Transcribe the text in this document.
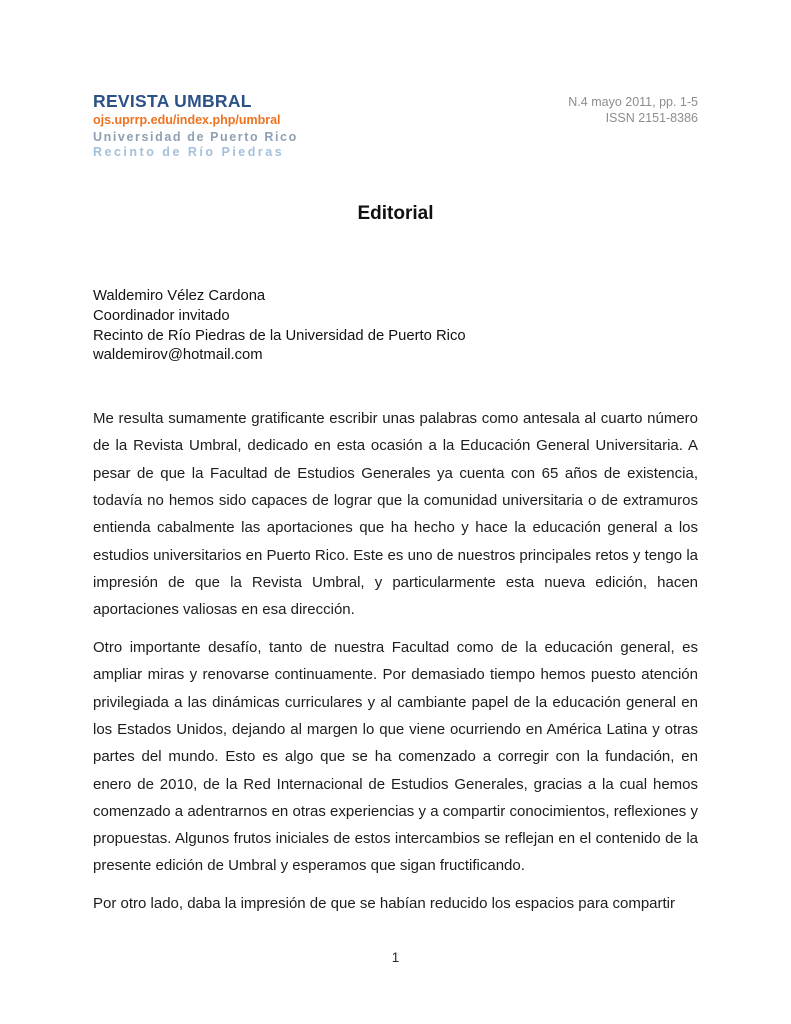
REVISTA UMBRAL
ojs.uprrp.edu/index.php/umbral
Universidad de Puerto Rico
Recinto de Río Piedras
N.4 mayo 2011, pp. 1-5
ISSN 2151-8386
Editorial
Waldemiro Vélez Cardona
Coordinador invitado
Recinto de Río Piedras de la Universidad de Puerto Rico
waldemirov@hotmail.com

Me resulta sumamente gratificante escribir unas palabras como antesala al cuarto número de la Revista Umbral, dedicado en esta ocasión a la Educación General Universitaria. A pesar de que la Facultad de Estudios Generales ya cuenta con 65 años de existencia, todavía no hemos sido capaces de lograr que la comunidad universitaria o de extramuros entienda cabalmente las aportaciones que ha hecho y hace la educación general a los estudios universitarios en Puerto Rico. Este es uno de nuestros principales retos y tengo la impresión de que la Revista Umbral, y particularmente esta nueva edición, hacen aportaciones valiosas en esa dirección.

Otro importante desafío, tanto de nuestra Facultad como de la educación general, es ampliar miras y renovarse continuamente. Por demasiado tiempo hemos puesto atención privilegiada a las dinámicas curriculares y al cambiante papel de la educación general en los Estados Unidos, dejando al margen lo que viene ocurriendo en América Latina y otras partes del mundo. Esto es algo que se ha comenzado a corregir con la fundación, en enero de 2010, de la Red Internacional de Estudios Generales, gracias a la cual hemos comenzado a adentrarnos en otras experiencias y a compartir conocimientos, reflexiones y propuestas. Algunos frutos iniciales de estos intercambios se reflejan en el contenido de la presente edición de Umbral y esperamos que sigan fructificando.

Por otro lado, daba la impresión de que se habían reducido los espacios para compartir

1
